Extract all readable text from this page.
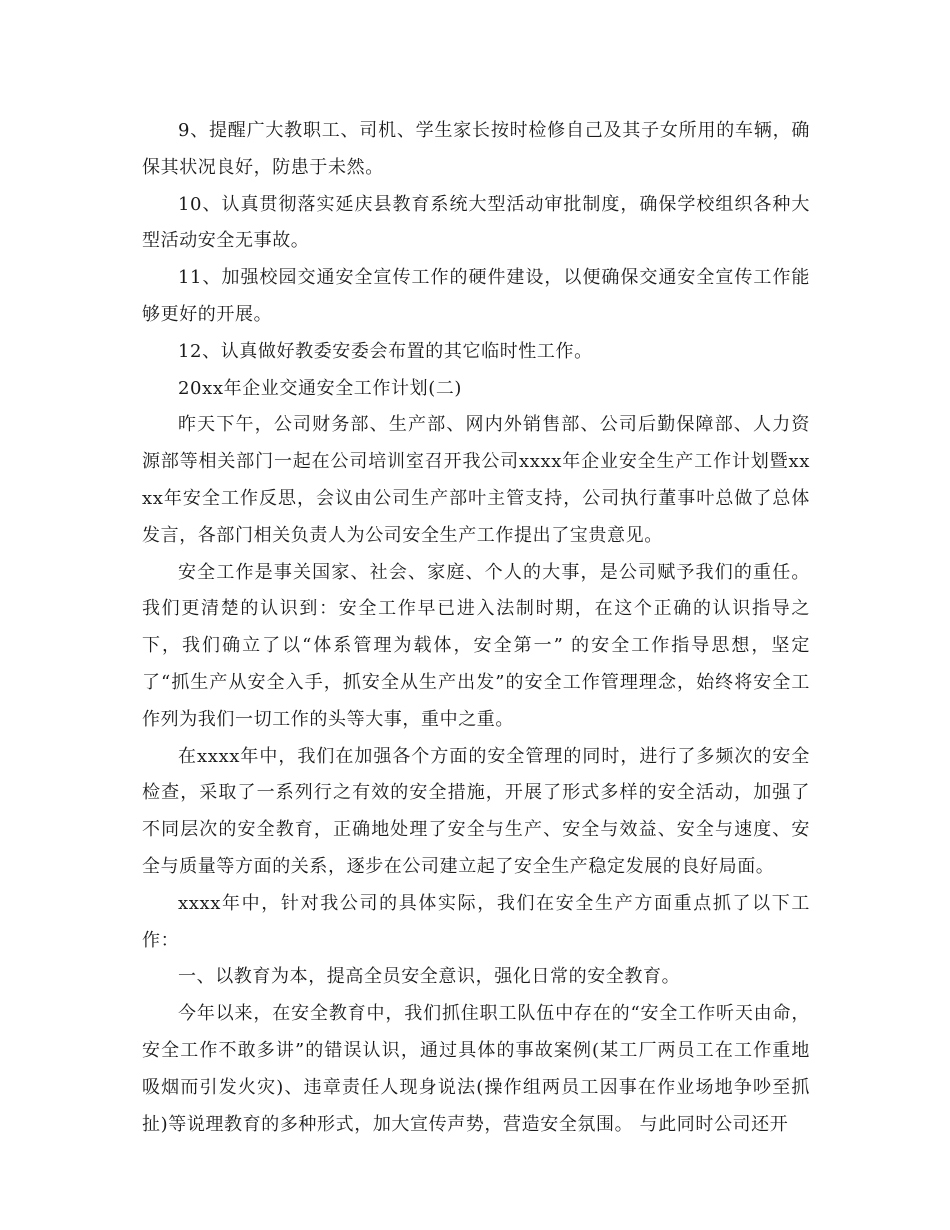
9、提醒广大教职工、司机、学生家长按时检修自己及其子女所用的车辆，确保其状况良好，防患于未然。

10、认真贯彻落实延庆县教育系统大型活动审批制度，确保学校组织各种大型活动安全无事故。

11、加强校园交通安全宣传工作的硬件建设，以便确保交通安全宣传工作能够更好的开展。

12、认真做好教委安委会布置的其它临时性工作。

20xx年企业交通安全工作计划(二)

昨天下午，公司财务部、生产部、网内外销售部、公司后勤保障部、人力资源部等相关部门一起在公司培训室召开我公司xxxx年企业安全生产工作计划暨xxxx年安全工作反思，会议由公司生产部叶主管支持，公司执行董事叶总做了总体发言，各部门相关负责人为公司安全生产工作提出了宝贵意见。

安全工作是事关国家、社会、家庭、个人的大事，是公司赋予我们的重任。我们更清楚的认识到：安全工作早已进入法制时期，在这个正确的认识指导之下，我们确立了以“体系管理为载体，安全第一” 的安全工作指导思想，坚定了“抓生产从安全入手，抓安全从生产出发”的安全工作管理理念，始终将安全工作列为我们一切工作的头等大事，重中之重。

在xxxx年中，我们在加强各个方面的安全管理的同时，进行了多频次的安全检查，采取了一系列行之有效的安全措施，开展了形式多样的安全活动，加强了不同层次的安全教育，正确地处理了安全与生产、安全与效益、安全与速度、安全与质量等方面的关系，逐步在公司建立起了安全生产稳定发展的良好局面。

xxxx年中，针对我公司的具体实际，我们在安全生产方面重点抓了以下工作：

一、以教育为本，提高全员安全意识，强化日常的安全教育。

今年以来，在安全教育中，我们抓住职工队伍中存在的“安全工作听天由命，安全工作不敢多讲”的错误认识，通过具体的事故案例(某工厂两员工在工作重地吸烟而引发火灾)、违章责任人现身说法(操作组两员工因事在作业场地争吵至抓扯)等说理教育的多种形式，加大宣传声势，营造安全氛围。 与此同时公司还开
